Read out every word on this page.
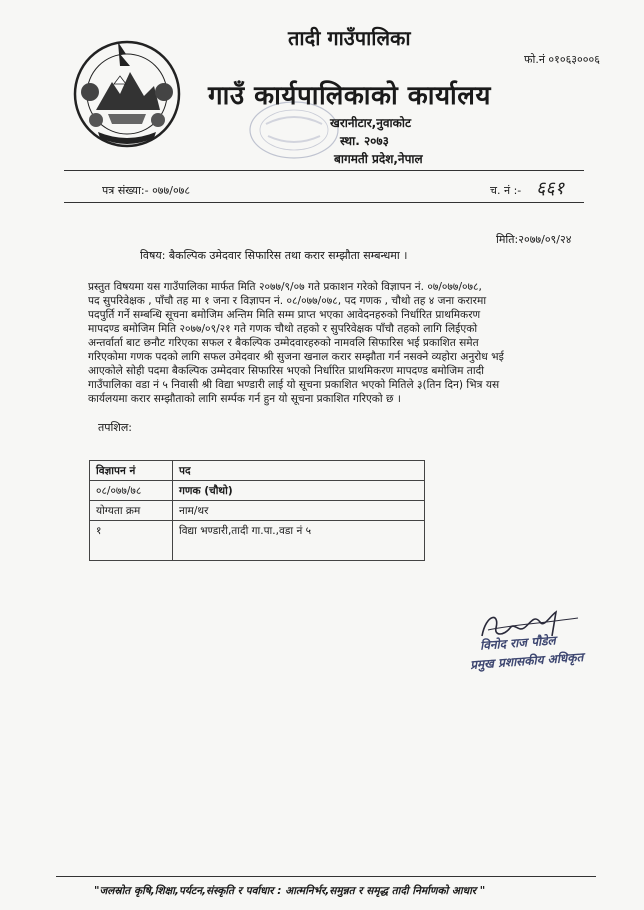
तादी गाउँपालिका
गाउँ कार्यपालिकाको कार्यालय
खरानीटार,नुवाकोट
स्था. २०७३
बागमती प्रदेश,नेपाल
फो.नं ०१०६३०००६
पत्र संख्या:- ०७७/०७८	च. नं :- ६६१
मिति:२०७७/०९/२४
विषय: बैकल्पिक उमेदवार सिफारिस तथा करार सम्झौता सम्बन्धमा ।
प्रस्तुत विषयमा यस गाउँपालिका मार्फत मिति २०७७/९/०७ गते प्रकाशन गरेको विज्ञापन नं. ०७/०७७/०७८,
पद सुपरिवेक्षक , पाँचौ तह मा १ जना र विज्ञापन नं. ०८/०७७/०७८, पद गणक , चौथो तह ४ जना करारमा
पदपुर्ति गर्ने सम्बन्धि सूचना बमोजिम अन्तिम मिति सम्म प्राप्त भएका आवेदनहरुको निर्धारित प्राथमिकरण
मापदण्ड बमोजिम मिति २०७७/०९/२१ गते गणक चौथो तहको र सुपरिवेक्षक पाँचौ तहको लागि लिईएको
अन्तर्वार्ता बाट छनौट गरिएका सफल र बैकल्पिक उम्मेदवारहरुको नामवलि सिफारिस भई प्रकाशित समेत
गरिएकोमा गणक पदको लागि सफल उमेदवार श्री सुजना खनाल करार सम्झौता गर्न नसक्ने व्यहोरा अनुरोध भई
आएकोले सोही पदमा बैकल्पिक उम्मेदवार सिफारिस भएको निर्धारित प्राथमिकरण मापदण्ड बमोजिम तादी
गाउँपालिका वडा नं ५ निवासी श्री विद्या भण्डारी लाई यो सूचना प्रकाशित भएको मितिले ३(तिन दिन) भित्र यस
कार्यलयमा करार सम्झौताको लागि सर्म्पक गर्न हुन यो सूचना प्रकाशित गरिएको छ ।
तपशिल:
विज्ञापन नं	पद
०८/०७७/७८	गणक (चौथो)
योग्यता क्रम	नाम/थर
१	विद्या भण्डारी,तादी गा.पा.,वडा नं ५
विनोद राज पौडेल
प्रमुख प्रशासकीय अधिकृत
"जलस्रोत कृषि,शिक्षा,पर्यटन,संस्कृति र पर्वाधार : आत्मनिर्भर,समुन्नत र समृद्ध तादी निर्माणको आधार "
